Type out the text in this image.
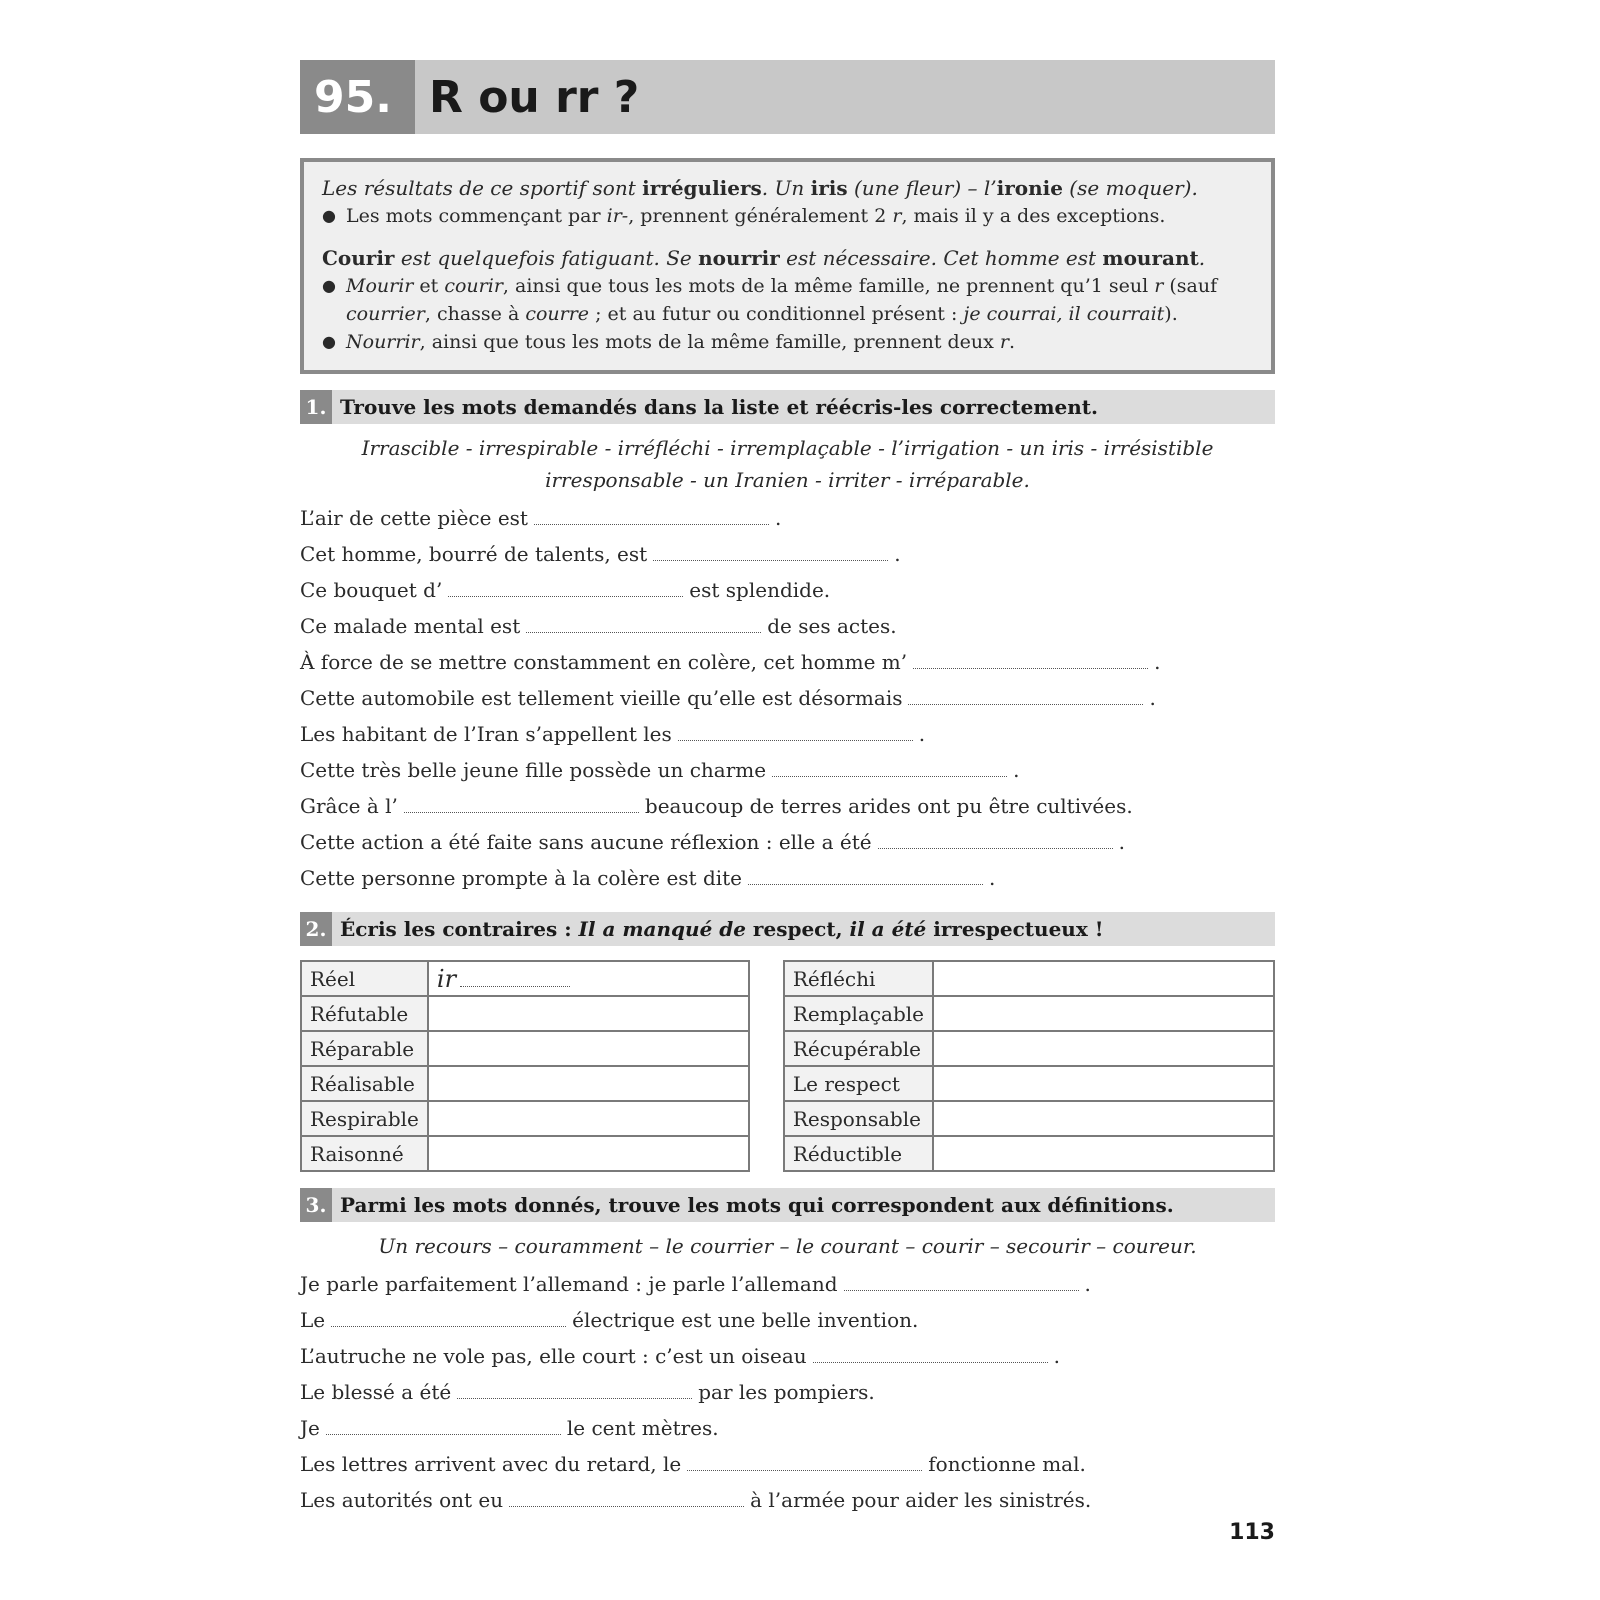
95. R ou rr ?
Les résultats de ce sportif sont irréguliers. Un iris (une fleur) – l’ironie (se moquer).
● Les mots commençant par ir-, prennent généralement 2 r, mais il y a des exceptions.
Courir est quelquefois fatiguant. Se nourrir est nécessaire. Cet homme est mourant.
● Mourir et courir, ainsi que tous les mots de la même famille, ne prennent qu’1 seul r (sauf courrier, chasse à courre ; et au futur ou conditionnel présent : je courrai, il courrait).
● Nourrir, ainsi que tous les mots de la même famille, prennent deux r.
1. Trouve les mots demandés dans la liste et réécris-les correctement.
Irrascible - irrespirable - irréfléchi - irremplaçable - l’irrigation - un iris - irrésistible
irresponsable - un Iranien - irriter - irréparable.
L’air de cette pièce est	.
Cet homme, bourré de talents, est	.
Ce bouquet d’	est splendide.
Ce malade mental est	de ses actes.
À force de se mettre constamment en colère, cet homme m’	.
Cette automobile est tellement vieille qu’elle est désormais	.
Les habitant de l’Iran s’appellent les	.
Cette très belle jeune fille possède un charme	.
Grâce à l’	beaucoup de terres arides ont pu être cultivées.
Cette action a été faite sans aucune réflexion : elle a été	.
Cette personne prompte à la colère est dite	.
2. Écris les contraires : Il a manqué de respect, il a été irrespectueux !
Réel	ir
Réfutable	
Réparable	
Réalisable	
Respirable	
Raisonné	
Réfléchi	
Remplaçable	
Récupérable	
Le respect	
Responsable	
Réductible	
3. Parmi les mots donnés, trouve les mots qui correspondent aux définitions.
Un recours – couramment – le courrier – le courant – courir – secourir – coureur.
Je parle parfaitement l’allemand : je parle l’allemand	.
Le	électrique est une belle invention.
L’autruche ne vole pas, elle court : c’est un oiseau	.
Le blessé a été	par les pompiers.
Je	le cent mètres.
Les lettres arrivent avec du retard, le	fonctionne mal.
Les autorités ont eu	à l’armée pour aider les sinistrés.
113
